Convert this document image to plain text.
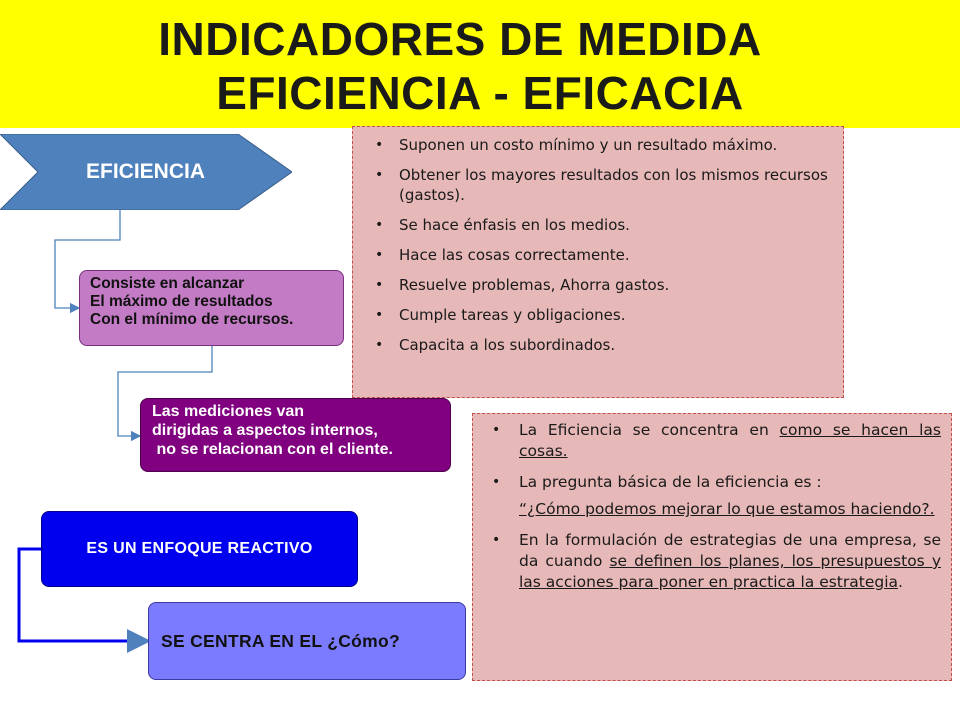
INDICADORES DE MEDIDA
EFICIENCIA - EFICACIA
EFICIENCIA
Consiste en alcanzar
El máximo de resultados
Con el mínimo de recursos.
Las mediciones van
dirigidas a aspectos internos,
no se relacionan con el cliente.
ES UN ENFOQUE REACTIVO
SE CENTRA EN EL ¿Cómo?
• Suponen un costo mínimo y un resultado máximo.
• Obtener los mayores resultados con los mismos recursos (gastos).
• Se hace énfasis en los medios.
• Hace las cosas correctamente.
• Resuelve problemas, Ahorra gastos.
• Cumple tareas y obligaciones.
• Capacita a los subordinados.
• La Eficiencia se concentra en como se hacen las cosas.
• La pregunta básica de la eficiencia es :
“¿Cómo podemos mejorar lo que estamos haciendo?.
• En la formulación de estrategias de una empresa, se da cuando se definen los planes, los presupuestos y las acciones para poner en practica la estrategia.
